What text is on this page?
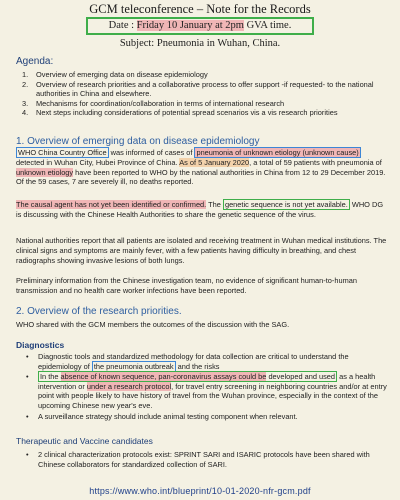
GCM teleconference – Note for the Records
Date : Friday 10 January at 2pm GVA time.
Subject: Pneumonia in Wuhan, China.
Agenda:
1. Overview of emerging data on disease epidemiology
2. Overview of research priorities and a collaborative process to offer support -if requested- to the national authorities in China and elsewhere.
3. Mechanisms for coordination/collaboration in terms of international research
4. Next steps including considerations of potential spread scenarios vis a vis research priorities
1. Overview of emerging data on disease epidemiology
WHO China Country Office was informed of cases of pneumonia of unknown etiology (unknown cause) detected in Wuhan City, Hubei Province of China. As of 5 January 2020, a total of 59 patients with pneumonia of unknown etiology have been reported to WHO by the national authorities in China from 12 to 29 December 2019. Of the 59 cases, 7 are severely ill, no deaths reported.
The causal agent has not yet been identified or confirmed. The genetic sequence is not yet available. WHO DG is discussing with the Chinese Health Authorities to share the genetic sequence of the virus.
National authorities report that all patients are isolated and receiving treatment in Wuhan medical institutions. The clinical signs and symptoms are mainly fever, with a few patients having difficulty in breathing, and chest radiographs showing invasive lesions of both lungs.
Preliminary information from the Chinese investigation team, no evidence of significant human-to-human transmission and no health care worker infections have been reported.
2. Overview of the research priorities.
WHO shared with the GCM members the outcomes of the discussion with the SAG.
Diagnostics
• Diagnostic tools and standardized methodology for data collection are critical to understand the epidemiology of the pneumonia outbreak and the risks
• In the absence of known sequence, pan-coronavirus assays could be developed and used as a health intervention or under a research protocol, for travel entry screening in neighboring countries and/or at entry point with people likely to have history of travel from the Wuhan province, especially in the context of the upcoming Chinese new year's eve.
• A surveillance strategy should include animal testing component when relevant.
Therapeutic and Vaccine candidates
• 2 clinical characterization protocols exist: SPRINT SARI and ISARIC protocols have been shared with Chinese collaborators for standardized collection of SARI.
https://www.who.int/blueprint/10-01-2020-nfr-gcm.pdf
